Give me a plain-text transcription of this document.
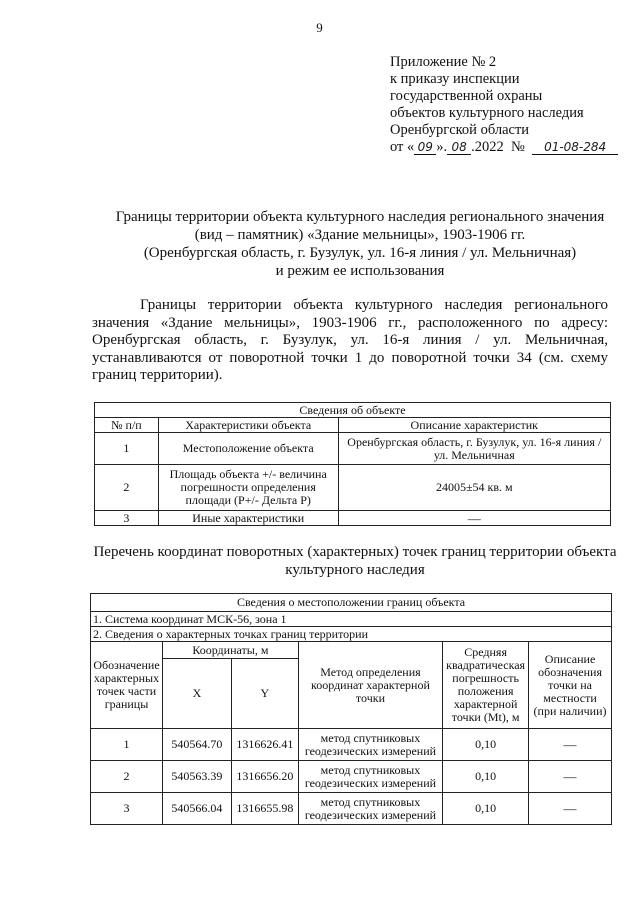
9
Приложение № 2
к приказу инспекции
государственной охраны
объектов культурного наследия
Оренбургской области
от « 09 ». 08 .2022 № 01-08-284
Границы территории объекта культурного наследия регионального значения
(вид – памятник) «Здание мельницы», 1903-1906 гг.
(Оренбургская область, г. Бузулук, ул. 16-я линия / ул. Мельничная)
и режим ее использования
Границы территории объекта культурного наследия регионального значения «Здание мельницы», 1903-1906 гг., расположенного по адресу: Оренбургская область, г. Бузулук, ул. 16-я линия / ул. Мельничная, устанавливаются от поворотной точки 1 до поворотной точки 34 (см. схему границ территории).
Сведения об объекте		
№ п/п	Характеристики объекта	Описание характеристик
1	Местоположение объекта	Оренбургская область, г. Бузулук, ул. 16-я линия / ул. Мельничная
2	Площадь объекта +/- величина погрешности определения площади (Р+/- Дельта Р)	24005±54 кв. м
3	Иные характеристики	—
Перечень координат поворотных (характерных) точек границ территории объекта культурного наследия
Сведения о местоположении границ объекта					
1. Система координат МСК-56, зона 1					
2. Сведения о характерных точках границ территории					
Обозначение характерных точек части границы	Координаты, м		Метод определения координат характерной точки	Средняя квадратическая погрешность положения характерной точки (Mt), м	Описание обозначения точки на местности (при наличии)
	X	Y			
1	540564.70	1316626.41	метод спутниковых геодезических измерений	0,10	—
2	540563.39	1316656.20	метод спутниковых геодезических измерений	0,10	—
3	540566.04	1316655.98	метод спутниковых геодезических измерений	0,10	—
